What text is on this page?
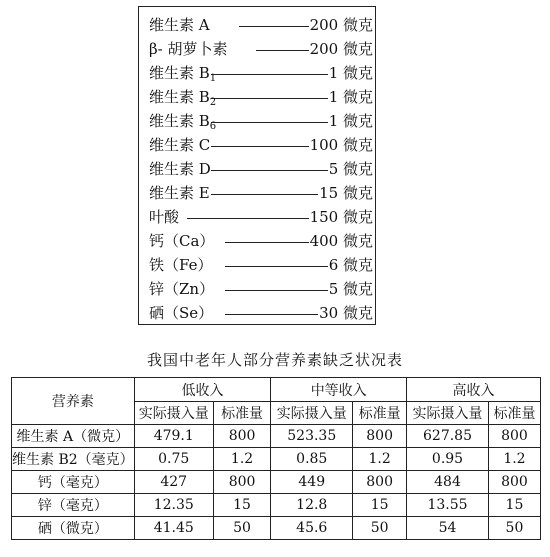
维生素 A	200 微克
β- 胡萝卜素	200 微克
维生素 $B_1$	1 微克
维生素 $B_2$	1 微克
维生素 $B_6$	1 微克
维生素 C	100 微克
维生素 D	5 微克
维生素 E	15 微克
叶酸	150 微克
钙（Ca）	400 微克
铁（Fe）	6 微克
锌（Zn）	5 微克
硒（Se）	30 微克
我国中老年人部分营养素缺乏状况表
营养素	低收入		中等收入		高收入	
	实际摄入量	标准量	实际摄入量	标准量	实际摄入量	标准量
维生素 A（微克）	479.1	800	523.35	800	627.85	800
维生素 B2（毫克）	0.75	1.2	0.85	1.2	0.95	1.2
钙（毫克）	427	800	449	800	484	800
锌（毫克）	12.35	15	12.8	15	13.55	15
硒（微克）	41.45	50	45.6	50	54	50
